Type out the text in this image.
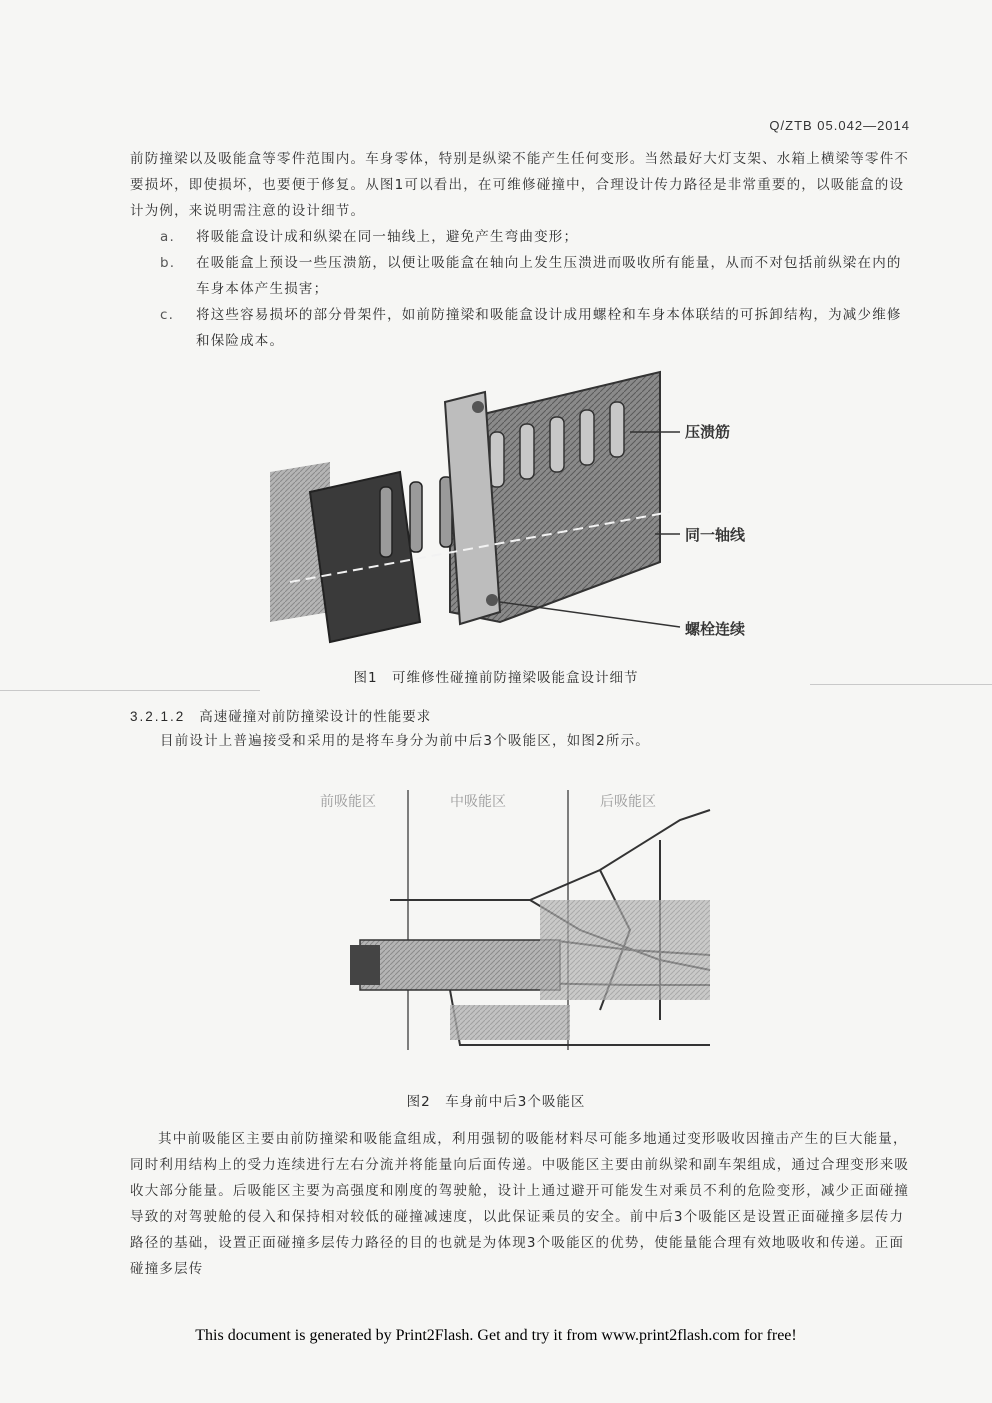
Q/ZTB 05.042—2014

前防撞梁以及吸能盒等零件范围内。车身零体，特别是纵梁不能产生任何变形。当然最好大灯支架、水箱上横梁等零件不要损坏，即使损坏，也要便于修复。从图1可以看出，在可维修碰撞中，合理设计传力路径是非常重要的，以吸能盒的设计为例，来说明需注意的设计细节。

a. 将吸能盒设计成和纵梁在同一轴线上，避免产生弯曲变形；
b. 在吸能盒上预设一些压溃筋，以便让吸能盒在轴向上发生压溃进而吸收所有能量，从而不对包括前纵梁在内的车身本体产生损害；
c. 将这些容易损坏的部分骨架件，如前防撞梁和吸能盒设计成用螺栓和车身本体联结的可拆卸结构，为减少维修和保险成本。
压溃筋
同一轴线
螺栓连续
图1　可维修性碰撞前防撞梁吸能盒设计细节
3.2.1.2 高速碰撞对前防撞梁设计的性能要求

目前设计上普遍接受和采用的是将车身分为前中后3个吸能区，如图2所示。

前吸能区	中吸能区	后吸能区
图2　车身前中后3个吸能区

其中前吸能区主要由前防撞梁和吸能盒组成，利用强韧的吸能材料尽可能多地通过变形吸收因撞击产生的巨大能量，同时利用结构上的受力连续进行左右分流并将能量向后面传递。中吸能区主要由前纵梁和副车架组成，通过合理变形来吸收大部分能量。后吸能区主要为高强度和刚度的驾驶舱，设计上通过避开可能发生对乘员不利的危险变形，减少正面碰撞导致的对驾驶舱的侵入和保持相对较低的碰撞减速度，以此保证乘员的安全。前中后3个吸能区是设置正面碰撞多层传力路径的基础，设置正面碰撞多层传力路径的目的也就是为体现3个吸能区的优势，使能量能合理有效地吸收和传递。正面碰撞多层传

This document is generated by Print2Flash. Get and try it from www.print2flash.com for free!
